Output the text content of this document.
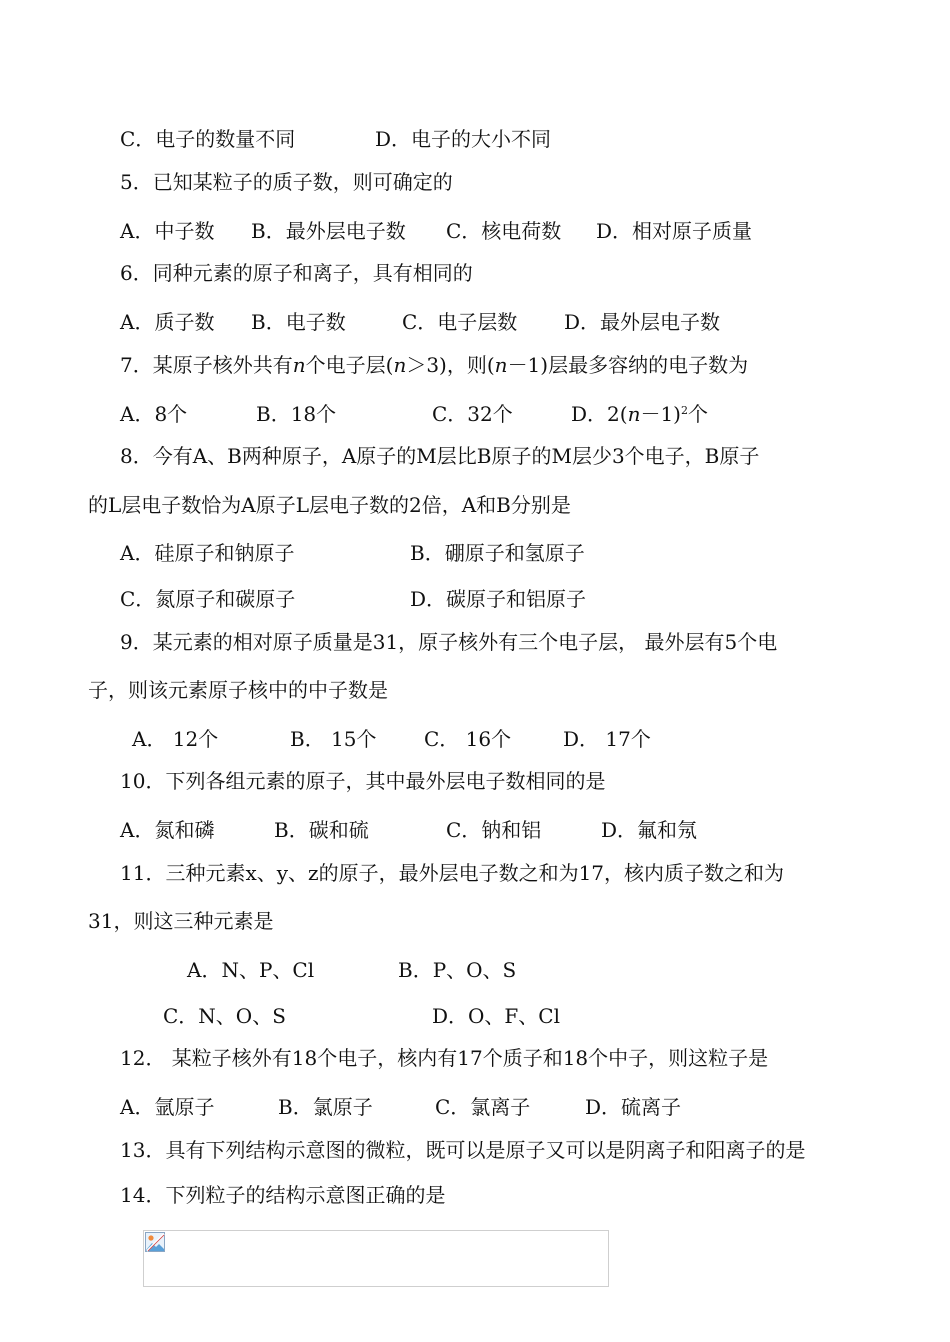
C．电子的数量不同	D．电子的大小不同
5．已知某粒子的质子数，则可确定的
A．中子数 B．最外层电子数 C．核电荷数 D．相对原子质量
6．同种元素的原子和离子，具有相同的
A．质子数 B．电子数	C．电子层数 D．最外层电子数
7．某原子核外共有n个电子层(n＞3)，则(n－1)层最多容纳的电子数为
A．8个	B．18个	C．32个	D．$2(n-1)^2$个
8．今有A、B两种原子，A原子的M层比B原子的M层少3个电子，B原子
的L层电子数恰为A原子L层电子数的2倍，A和B分别是
A．硅原子和钠原子	B．硼原子和氢原子
C．氮原子和碳原子	D．碳原子和铝原子
9．某元素的相对原子质量是31，原子核外有三个电子层， 最外层有5个电
子，则该元素原子核中的中子数是
A． 12个	B． 15个 C． 16个	D． 17个
10．下列各组元素的原子，其中最外层电子数相同的是
A．氮和磷	B．碳和硫	C．钠和铝	D．氟和氖
11．三种元素x、y、z的原子，最外层电子数之和为17，核内质子数之和为
31，则这三种元素是
A．N、P、Cl	B．P、O、S
C．N、O、S	D．O、F、Cl
12． 某粒子核外有18个电子，核内有17个质子和18个中子，则这粒子是
A．氩原子	B．氯原子	C．氯离子	D．硫离子
13．具有下列结构示意图的微粒，既可以是原子又可以是阴离子和阳离子的是
14．下列粒子的结构示意图正确的是
